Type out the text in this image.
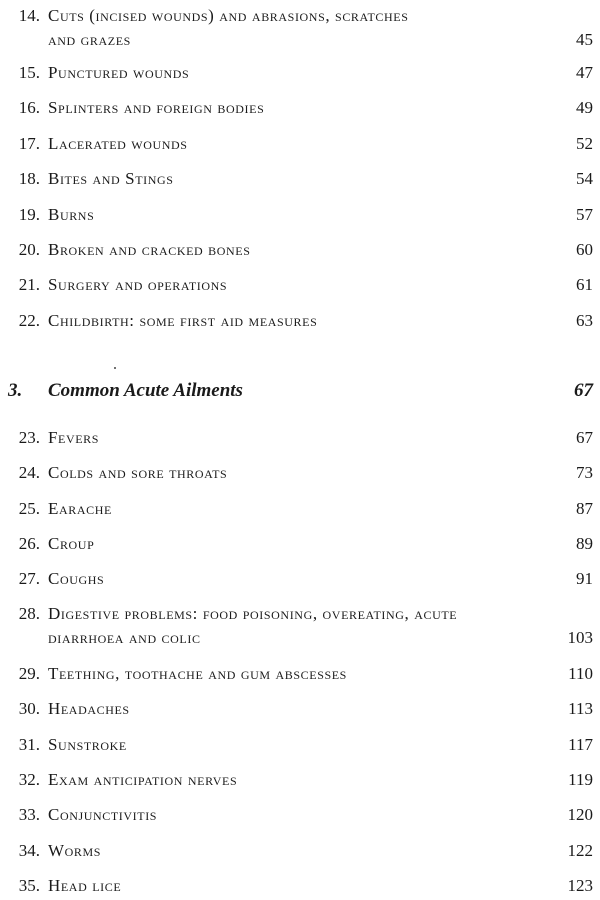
14. Cuts (incised wounds) and abrasions, scratches
and grazes	45
15. Punctured wounds	47
16. Splinters and foreign bodies	49
17. Lacerated wounds	52
18. Bites and Stings	54
19. Burns	57
20. Broken and cracked bones	60
21. Surgery and operations	61
22. Childbirth: some first aid measures	63
3. Common Acute Ailments	67
23. Fevers	67
24. Colds and sore throats	73
25. Earache	87
26. Croup	89
27. Coughs	91
28. Digestive problems: food poisoning, overeating, acute
diarrhoea and colic	103
29. Teething, toothache and gum abscesses	110
30. Headaches	113
31. Sunstroke	117
32. Exam anticipation nerves	119
33. Conjunctivitis	120
34. Worms	122
35. Head lice	123
